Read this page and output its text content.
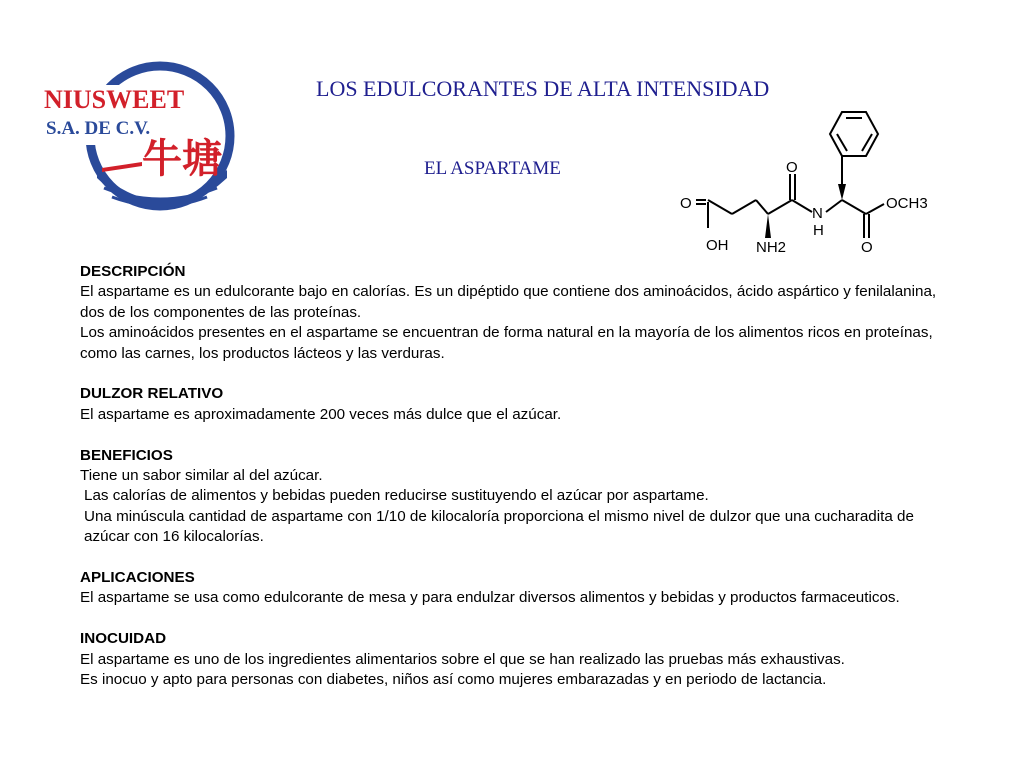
NIUSWEET
S.A. DE C.V.
牛塘
LOS EDULCORANTES DE ALTA INTENSIDAD
EL ASPARTAME
O
O
N
H
OCH3
OH NH2	O
DESCRIPCIÓN
El aspartame es un edulcorante bajo en calorías. Es un dipéptido que contiene dos aminoácidos, ácido aspártico y fenilalanina, dos de los componentes de las proteínas.
Los aminoácidos presentes en el aspartame se encuentran de forma natural en la mayoría de los alimentos ricos en proteínas, como las carnes, los productos lácteos y las verduras.
DULZOR RELATIVO
El aspartame es aproximadamente 200 veces más dulce que el azúcar.
BENEFICIOS
Tiene un sabor similar al del azúcar.
Las calorías de alimentos y bebidas pueden reducirse sustituyendo el azúcar por aspartame.
Una minúscula cantidad de aspartame con 1/10 de kilocaloría proporciona el mismo nivel de dulzor que una cucharadita de azúcar con 16 kilocalorías.
APLICACIONES
El aspartame se usa como edulcorante de mesa y para endulzar diversos alimentos y bebidas y productos farmaceuticos.
INOCUIDAD
El aspartame es uno de los ingredientes alimentarios sobre el que se han realizado las pruebas más exhaustivas.
Es inocuo y apto para personas con diabetes, niños así como mujeres embarazadas y en periodo de lactancia.
